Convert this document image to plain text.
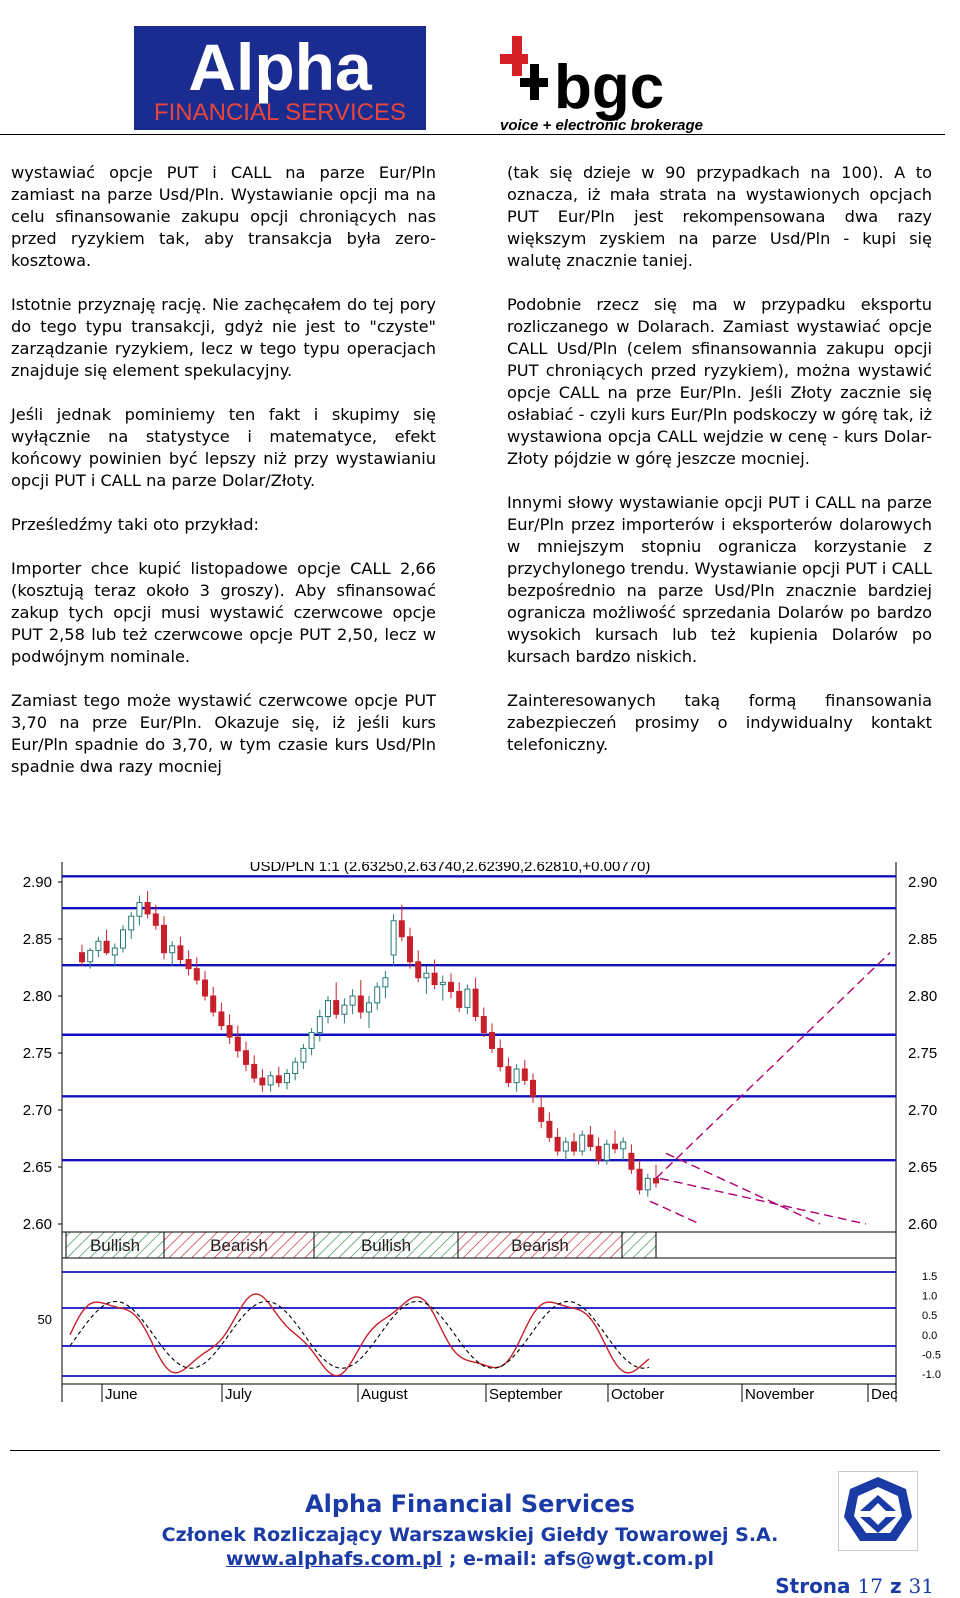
Alpha
FINANCIAL SERVICES bgc
voice + electronic brokerage

wystawiać opcje PUT i CALL na parze Eur/Pln zamiast na parze Usd/Pln. Wystawianie opcji ma na celu sfinansowanie zakupu opcji chroniących nas przed ryzykiem tak, aby transakcja była zero-kosztowa.

Istotnie przyznaję rację. Nie zachęcałem do tej pory do tego typu transakcji, gdyż nie jest to "czyste" zarządzanie ryzykiem, lecz w tego typu operacjach znajduje się element spekulacyjny.

Jeśli jednak pominiemy ten fakt i skupimy się wyłącznie na statystyce i matematyce, efekt końcowy powinien być lepszy niż przy wystawianiu opcji PUT i CALL na parze Dolar/Złoty.

Prześledźmy taki oto przykład:

Importer chce kupić listopadowe opcje CALL 2,66 (kosztują teraz około 3 groszy). Aby sfinansować zakup tych opcji musi wystawić czerwcowe opcje PUT 2,58 lub też czerwcowe opcje PUT 2,50, lecz w podwójnym nominale.

Zamiast tego może wystawić czerwcowe opcje PUT 3,70 na prze Eur/Pln. Okazuje się, iż jeśli kurs Eur/Pln spadnie do 3,70, w tym czasie kurs Usd/Pln spadnie dwa razy mocniej

(tak się dzieje w 90 przypadkach na 100). A to oznacza, iż mała strata na wystawionych opcjach PUT Eur/Pln jest rekompensowana dwa razy większym zyskiem na parze Usd/Pln - kupi się walutę znacznie taniej.

Podobnie rzecz się ma w przypadku eksportu rozliczanego w Dolarach. Zamiast wystawiać opcje CALL Usd/Pln (celem sfinansowannia zakupu opcji PUT chroniących przed ryzykiem), można wystawić opcje CALL na prze Eur/Pln. Jeśli Złoty zacznie się osłabiać - czyli kurs Eur/Pln podskoczy w górę tak, iż wystawiona opcja CALL wejdzie w cenę - kurs Dolar-Złoty pójdzie w górę jeszcze mocniej.

Innymi słowy wystawianie opcji PUT i CALL na parze Eur/Pln przez importerów i eksporterów dolarowych w mniejszym stopniu ogranicza korzystanie z przychylonego trendu. Wystawianie opcji PUT i CALL bezpośrednio na parze Usd/Pln znacznie bardziej ogranicza możliwość sprzedania Dolarów po bardzo wysokich kursach lub też kupienia Dolarów po kursach bardzo niskich.

Zainteresowanych taką formą finansowania zabezpieczeń prosimy o indywidualny kontakt telefoniczny.

USD/PLN 1:1 (2.63250,2.63740,2.62390,2.62810,+0.00770)
2.90
2.85
2.80
2.75
2.70
2.65
2.60
2.90
2.85
2.80
2.75
2.70
2.65
2.60
Bullish	Bearish	Bullish	Bearish
50
1.5
1.0
0.5
0.0
-0.5
-1.0
June	July	August	September	October	November	Dec
Alpha Financial Services
Członek Rozliczający Warszawskiej Giełdy Towarowej S.A.
www.alphafs.com.pl ; e-mail: afs@wgt.com.pl
Strona 17 z 31
